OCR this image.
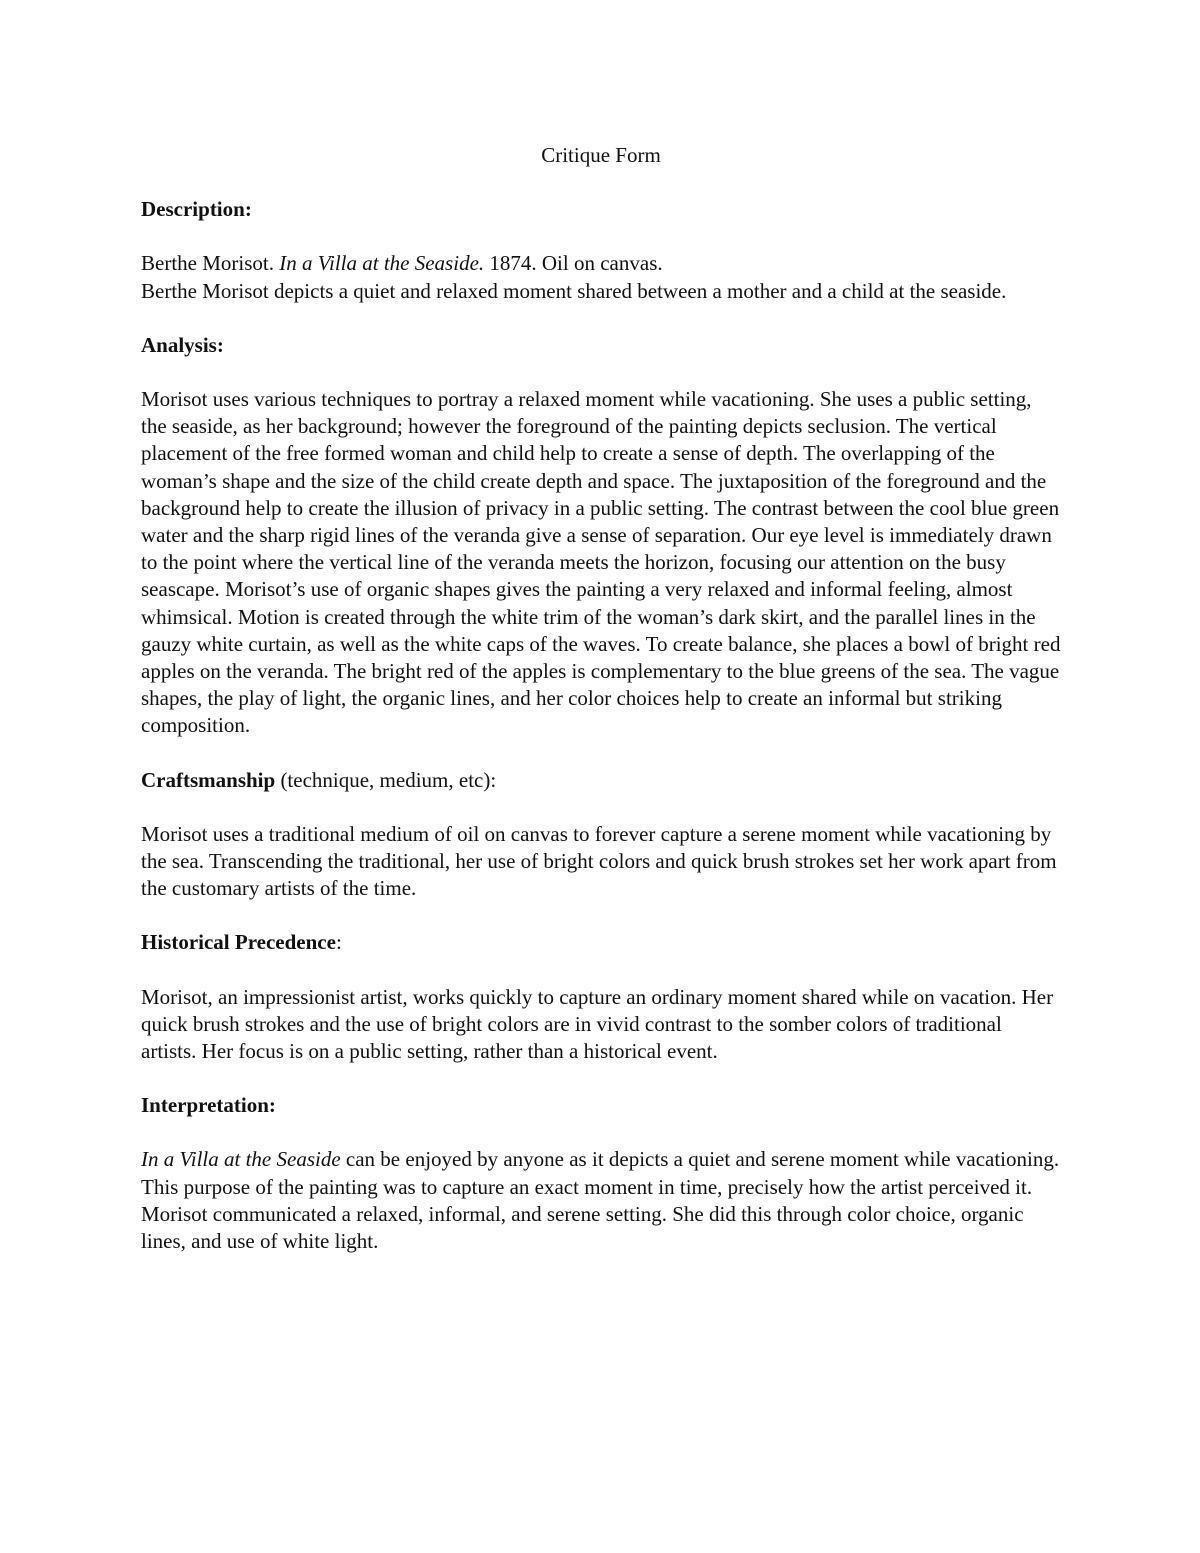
Critique Form
Description:

Berthe Morisot. In a Villa at the Seaside. 1874. Oil on canvas.
Berthe Morisot depicts a quiet and relaxed moment shared between a mother and a child at the seaside.

Analysis:

Morisot uses various techniques to portray a relaxed moment while vacationing. She uses a public setting, the seaside, as her background; however the foreground of the painting depicts seclusion. The vertical placement of the free formed woman and child help to create a sense of depth. The overlapping of the woman’s shape and the size of the child create depth and space. The juxtaposition of the foreground and the background help to create the illusion of privacy in a public setting. The contrast between the cool blue green water and the sharp rigid lines of the veranda give a sense of separation. Our eye level is immediately drawn to the point where the vertical line of the veranda meets the horizon, focusing our attention on the busy seascape. Morisot’s use of organic shapes gives the painting a very relaxed and informal feeling, almost whimsical. Motion is created through the white trim of the woman’s dark skirt, and the parallel lines in the gauzy white curtain, as well as the white caps of the waves. To create balance, she places a bowl of bright red apples on the veranda. The bright red of the apples is complementary to the blue greens of the sea. The vague shapes, the play of light, the organic lines, and her color choices help to create an informal but striking composition.

Craftsmanship (technique, medium, etc):

Morisot uses a traditional medium of oil on canvas to forever capture a serene moment while vacationing by the sea. Transcending the traditional, her use of bright colors and quick brush strokes set her work apart from the customary artists of the time.

Historical Precedence:

Morisot, an impressionist artist, works quickly to capture an ordinary moment shared while on vacation. Her quick brush strokes and the use of bright colors are in vivid contrast to the somber colors of traditional artists. Her focus is on a public setting, rather than a historical event.

Interpretation:

In a Villa at the Seaside can be enjoyed by anyone as it depicts a quiet and serene moment while vacationing. This purpose of the painting was to capture an exact moment in time, precisely how the artist perceived it. Morisot communicated a relaxed, informal, and serene setting. She did this through color choice, organic lines, and use of white light.
